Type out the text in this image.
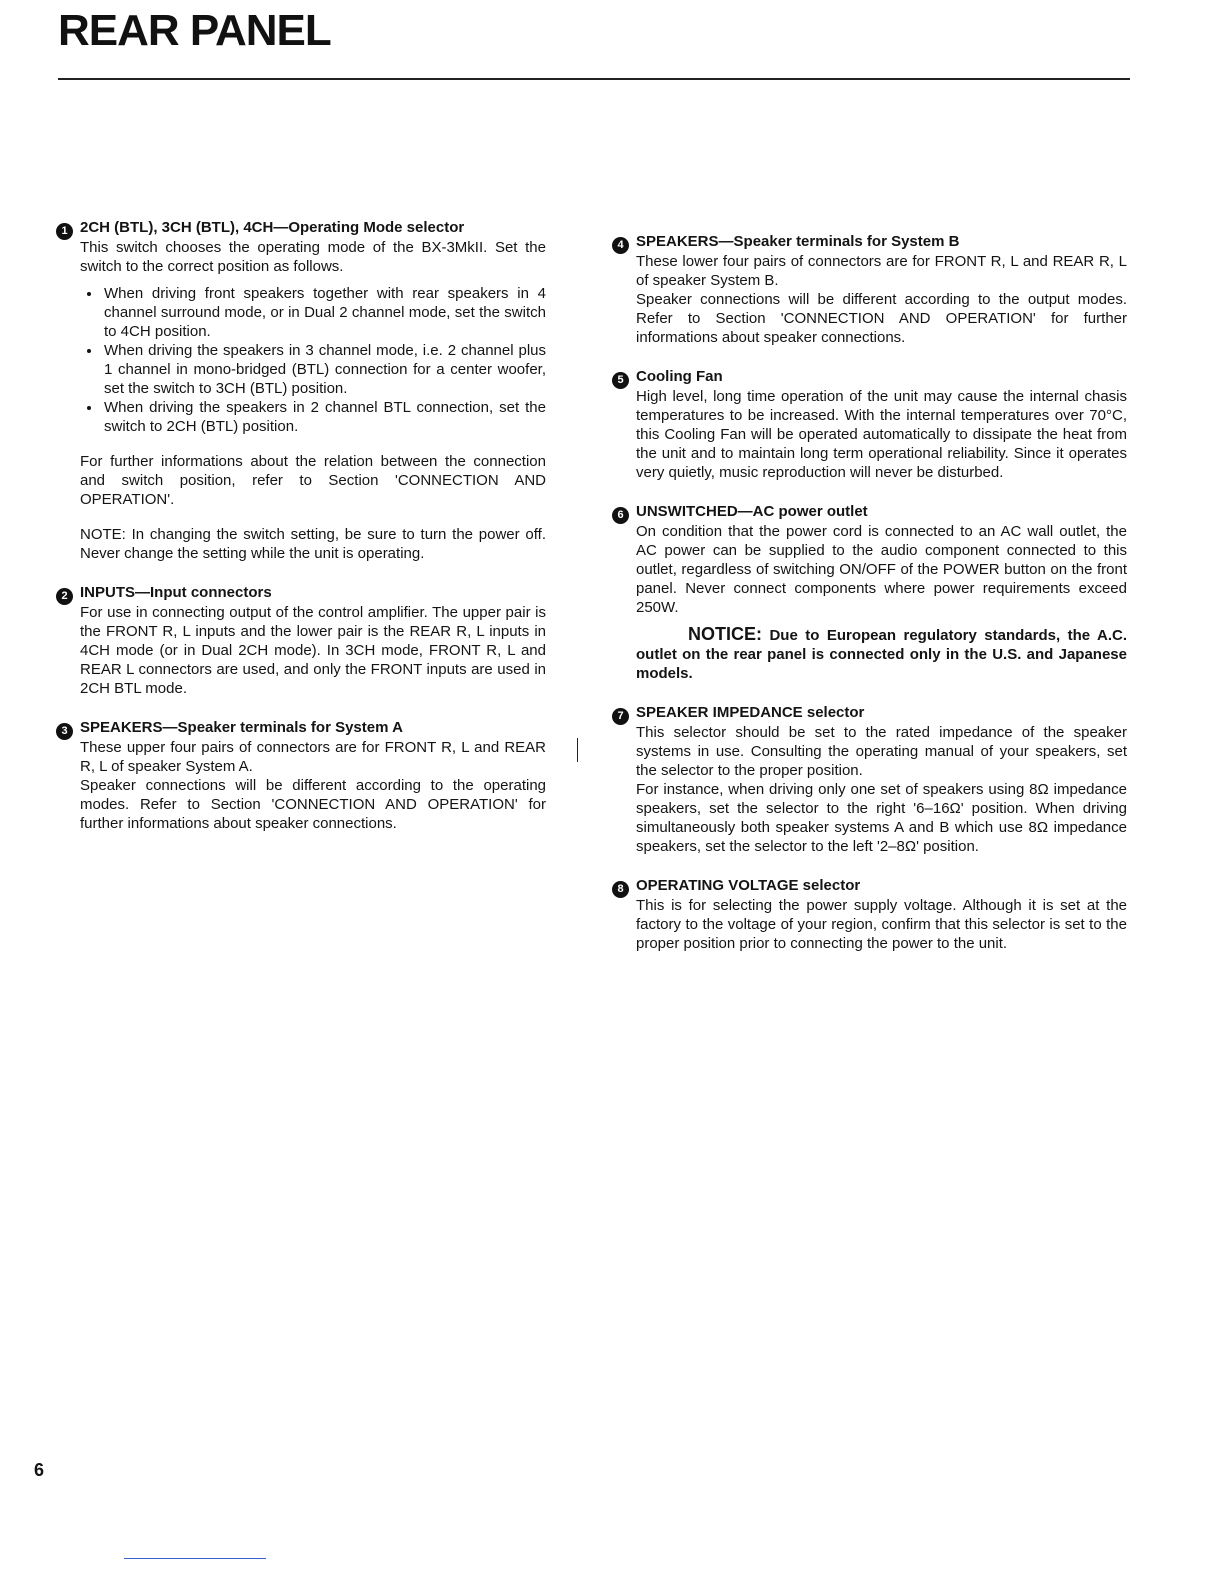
REAR PANEL
1 2CH (BTL), 3CH (BTL), 4CH—Operating Mode selector

This switch chooses the operating mode of the BX-3MkII. Set the switch to the correct position as follows.

• When driving front speakers together with rear speakers in 4 channel surround mode, or in Dual 2 channel mode, set the switch to 4CH position.
• When driving the speakers in 3 channel mode, i.e. 2 channel plus 1 channel in mono-bridged (BTL) connection for a center woofer, set the switch to 3CH (BTL) position.
• When driving the speakers in 2 channel BTL connection, set the switch to 2CH (BTL) position.

For further informations about the relation between the connection and switch position, refer to Section 'CONNECTION AND OPERATION'.

NOTE: In changing the switch setting, be sure to turn the power off. Never change the setting while the unit is operating.

2 INPUTS—Input connectors

For use in connecting output of the control amplifier. The upper pair is the FRONT R, L inputs and the lower pair is the REAR R, L inputs in 4CH mode (or in Dual 2CH mode). In 3CH mode, FRONT R, L and REAR L connectors are used, and only the FRONT inputs are used in 2CH BTL mode.

3 SPEAKERS—Speaker terminals for System A

These upper four pairs of connectors are for FRONT R, L and REAR R, L of speaker System A.

Speaker connections will be different according to the operating modes. Refer to Section 'CONNECTION AND OPERATION' for further informations about speaker connections.

4 SPEAKERS—Speaker terminals for System B

These lower four pairs of connectors are for FRONT R, L and REAR R, L of speaker System B.

Speaker connections will be different according to the output modes. Refer to Section 'CONNECTION AND OPERATION' for further informations about speaker connections.

5 Cooling Fan

High level, long time operation of the unit may cause the internal chasis temperatures to be increased. With the internal temperatures over 70°C, this Cooling Fan will be operated automatically to dissipate the heat from the unit and to maintain long term operational reliability. Since it operates very quietly, music reproduction will never be disturbed.

6 UNSWITCHED—AC power outlet

On condition that the power cord is connected to an AC wall outlet, the AC power can be supplied to the audio component connected to this outlet, regardless of switching ON/OFF of the POWER button on the front panel. Never connect components where power requirements exceed 250W.

NOTICE: Due to European regulatory standards, the A.C. outlet on the rear panel is connected only in the U.S. and Japanese models.

7 SPEAKER IMPEDANCE selector

This selector should be set to the rated impedance of the speaker systems in use. Consulting the operating manual of your speakers, set the selector to the proper position.

For instance, when driving only one set of speakers using 8Ω impedance speakers, set the selector to the right '6–16Ω' position. When driving simultaneously both speaker systems A and B which use 8Ω impedance speakers, set the selector to the left '2–8Ω' position.

8 OPERATING VOLTAGE selector

This is for selecting the power supply voltage. Although it is set at the factory to the voltage of your region, confirm that this selector is set to the proper position prior to connecting the power to the unit.

6
